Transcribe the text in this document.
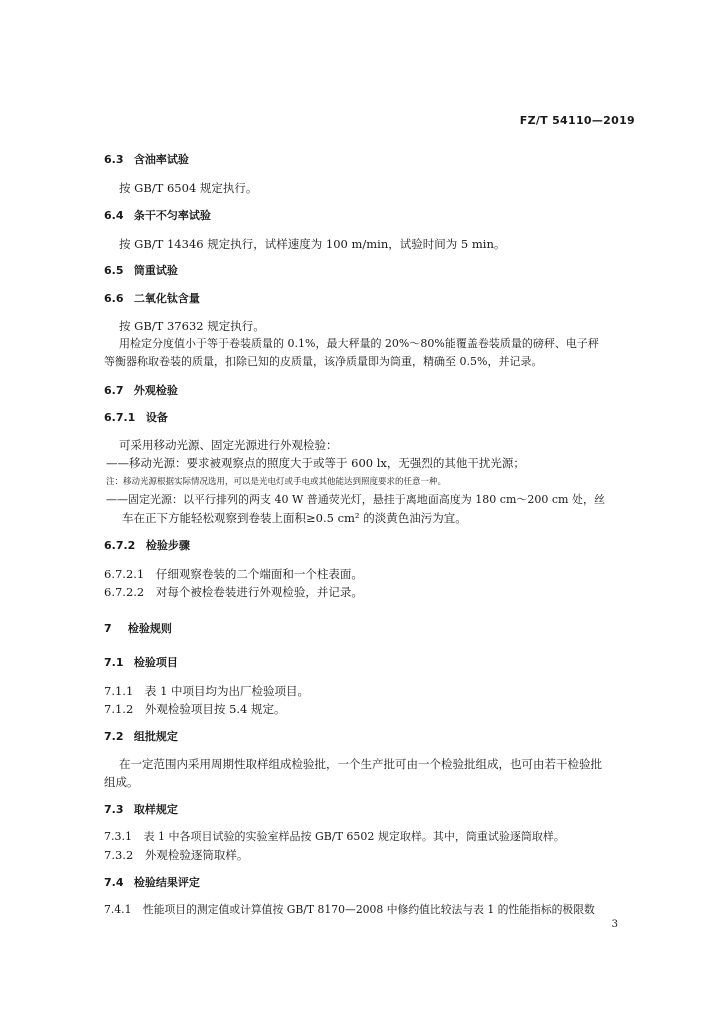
FZ/T 54110—2019
6.3 含油率试验
按 GB/T 6504 规定执行。
6.4 条干不匀率试验
按 GB/T 14346 规定执行，试样速度为 100 m/min，试验时间为 5 min。
6.5 筒重试验
6.6 二氧化钛含量
按 GB/T 37632 规定执行。
用检定分度值小于等于卷装质量的 0.1%，最大秤量的 20%～80%能覆盖卷装质量的磅秤、电子秤
等衡器称取卷装的质量，扣除已知的皮质量，该净质量即为筒重，精确至 0.5%，并记录。
6.7 外观检验
6.7.1 设备
可采用移动光源、固定光源进行外观检验：
——移动光源：要求被观察点的照度大于或等于 600 lx，无强烈的其他干扰光源；
注：移动光源根据实际情况选用，可以是光电灯或手电或其他能达到照度要求的任意一种。
——固定光源：以平行排列的两支 40 W 普通荧光灯，悬挂于离地面高度为 180 cm～200 cm 处，丝
车在正下方能轻松观察到卷装上面积≥0.5 cm² 的淡黄色油污为宜。
6.7.2 检验步骤
6.7.2.1 仔细观察卷装的二个端面和一个柱表面。
6.7.2.2 对每个被检卷装进行外观检验，并记录。
7 检验规则
7.1 检验项目
7.1.1 表 1 中项目均为出厂检验项目。
7.1.2 外观检验项目按 5.4 规定。
7.2 组批规定
在一定范围内采用周期性取样组成检验批，一个生产批可由一个检验批组成，也可由若干检验批
组成。
7.3 取样规定
7.3.1 表 1 中各项目试验的实验室样品按 GB/T 6502 规定取样。其中，筒重试验逐筒取样。
7.3.2 外观检验逐筒取样。
7.4 检验结果评定
7.4.1 性能项目的测定值或计算值按 GB/T 8170—2008 中修约值比较法与表 1 的性能指标的极限数
3
